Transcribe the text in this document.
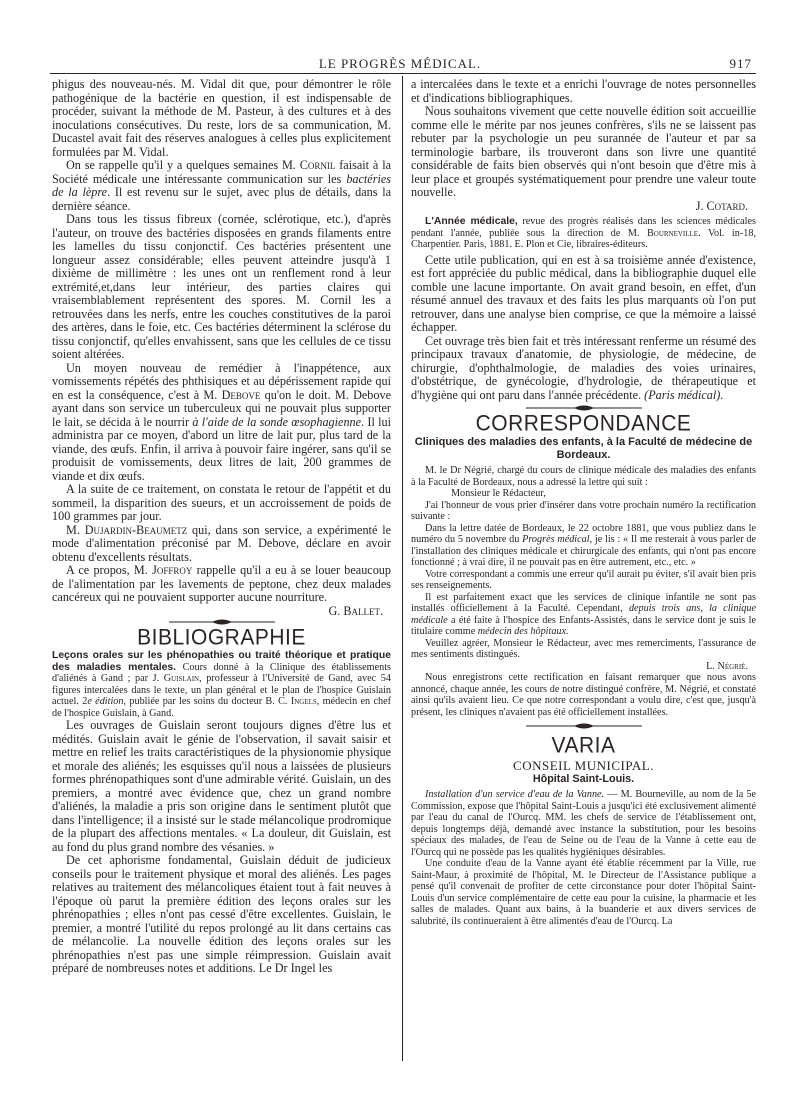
LE PROGRÈS MÉDICAL.	917

phigus des nouveau-nés. M. Vidal dit que, pour démontrer le rôle pathogénique de la bactérie en question, il est indispensable de procéder, suivant la méthode de M. Pasteur, à des cultures et à des inoculations consécutives. Du reste, lors de sa communication, M. Ducastel avait fait des réserves analogues à celles plus explicitement formulées par M. Vidal.

On se rappelle qu'il y a quelques semaines M. Cornil faisait à la Société médicale une intéressante communication sur les bactéries de la lèpre. Il est revenu sur le sujet, avec plus de détails, dans la dernière séance.

Dans tous les tissus fibreux (cornée, sclérotique, etc.), d'après l'auteur, on trouve des bactéries disposées en grands filaments entre les lamelles du tissu conjonctif. Ces bactéries présentent une longueur assez considérable; elles peuvent atteindre jusqu'à 1 dixième de millimètre : les unes ont un renflement rond à leur extrémité,et,dans leur intérieur, des parties claires qui vraisemblablement représentent des spores. M. Cornil les a retrouvées dans les nerfs, entre les couches constitutives de la paroi des artères, dans le foie, etc. Ces bactéries déterminent la sclérose du tissu conjonctif, qu'elles envahissent, sans que les cellules de ce tissu soient altérées.

Un moyen nouveau de remédier à l'inappétence, aux vomissements répétés des phthisiques et au dépérissement rapide qui en est la conséquence, c'est à M. Debove qu'on le doit. M. Debove ayant dans son service un tuberculeux qui ne pouvait plus supporter le lait, se décida à le nourrir à l'aide de la sonde œsophagienne. Il lui administra par ce moyen, d'abord un litre de lait pur, plus tard de la viande, des œufs. Enfin, il arriva à pouvoir faire ingérer, sans qu'il se produisit de vomissements, deux litres de lait, 200 grammes de viande et dix œufs.

A la suite de ce traitement, on constata le retour de l'appétit et du sommeil, la disparition des sueurs, et un accroissement de poids de 100 grammes par jour.

M. Dujardin-Beaumetz qui, dans son service, a expérimenté le mode d'alimentation préconisé par M. Debove, déclare en avoir obtenu d'excellents résultats.

A ce propos, M. Joffroy rappelle qu'il a eu à se louer beaucoup de l'alimentation par les lavements de peptone, chez deux malades cancéreux qui ne pouvaient supporter aucune nourriture.

G. Ballet.

BIBLIOGRAPHIE

Leçons orales sur les phénopathies ou traité théorique et pratique des maladies mentales. Cours donné à la Clinique des établissements d'aliénés à Gand ; par J. Guislain, professeur à l'Université de Gand, avec 54 figures intercalées dans le texte, un plan général et le plan de l'hospice Guislain actuel. 2e édition, publiée par les soins du docteur B. C. Ingels, médecin en chef de l'hospice Guislain, à Gand.

Les ouvrages de Guislain seront toujours dignes d'être lus et médités. Guislain avait le génie de l'observation, il savait saisir et mettre en relief les traits caractéristiques de la physionomie physique et morale des aliénés; les esquisses qu'il nous a laissées de plusieurs formes phrénopathiques sont d'une admirable vérité. Guislain, un des premiers, a montré avec évidence que, chez un grand nombre d'aliénés, la maladie a pris son origine dans le sentiment plutôt que dans l'intelligence; il a insisté sur le stade mélancolique prodromique de la plupart des affections mentales. « La douleur, dit Guislain, est au fond du plus grand nombre des vésanies. »

De cet aphorisme fondamental, Guislain déduit de judicieux conseils pour le traitement physique et moral des aliénés. Les pages relatives au traitement des mélancoliques étaient tout à fait neuves à l'époque où parut la première édition des leçons orales sur les phrénopathies ; elles n'ont pas cessé d'être excellentes. Guislain, le premier, a montré l'utilité du repos prolongé au lit dans certains cas de mélancolie. La nouvelle édition des leçons orales sur les phrénopathies n'est pas une simple réimpression. Guislain avait préparé de nombreuses notes et additions. Le Dr Ingel les

a intercalées dans le texte et a enrichi l'ouvrage de notes personnelles et d'indications bibliographiques.

Nous souhaitons vivement que cette nouvelle édition soit accueillie comme elle le mérite par nos jeunes confrères, s'ils ne se laissent pas rebuter par la psychologie un peu surannée de l'auteur et par sa terminologie barbare, ils trouveront dans son livre une quantité considérable de faits bien observés qui n'ont besoin que d'être mis à leur place et groupés systématiquement pour prendre une valeur toute nouvelle.

J. Cotard.

L'Année médicale, revue des progrès réalisés dans les sciences médicales pendant l'année, publiée sous la direction de M. Bourneville. Vol. in-18, Charpentier. Paris, 1881. E. Plon et Cie, libraires-éditeurs.

Cette utile publication, qui en est à sa troisième année d'existence, est fort appréciée du public médical, dans la bibliographie duquel elle comble une lacune importante. On avait grand besoin, en effet, d'un résumé annuel des travaux et des faits les plus marquants où l'on put retrouver, dans une analyse bien comprise, ce que la mémoire a laissé échapper.

Cet ouvrage très bien fait et très intéressant renferme un résumé des principaux travaux d'anatomie, de physiologie, de médecine, de chirurgie, d'ophthalmologie, de maladies des voies urinaires, d'obstétrique, de gynécologie, d'hydrologie, de thérapeutique et d'hygiène qui ont paru dans l'année précédente. (Paris médical).

CORRESPONDANCE
Cliniques des maladies des enfants, à la Faculté de médecine de Bordeaux.

M. le Dr Négrié, chargé du cours de clinique médicale des maladies des enfants à la Faculté de Bordeaux, nous a adressé la lettre qui suit :

Monsieur le Rédacteur,

J'ai l'honneur de vous prier d'insérer dans votre prochain numéro la rectification suivante :

Dans la lettre datée de Bordeaux, le 22 octobre 1881, que vous publiez dans le numéro du 5 novembre du Progrès médical, je lis : « Il me resterait à vous parler de l'installation des cliniques médicale et chirurgicale des enfants, qui n'ont pas encore fonctionné ; à vrai dire, il ne pouvait pas en être autrement, etc., etc. »

Votre correspondant a commis une erreur qu'il aurait pu éviter, s'il avait bien pris ses renseignements.

Il est parfaitement exact que les services de clinique infantile ne sont pas installés officiellement à la Faculté. Cependant, depuis trois ans, la clinique médicale a été faite à l'hospice des Enfants-Assistés, dans le service dont je suis le titulaire comme médecin des hôpitaux.

Veuillez agréer, Monsieur le Rédacteur, avec mes remerciments, l'assurance de mes sentiments distingués.

L. Négrié.

Nous enregistrons cette rectification en faisant remarquer que nous avons annoncé, chaque année, les cours de notre distingué confrère, M. Négrié, et constaté ainsi qu'ils avaient lieu. Ce que notre correspondant a voulu dire, c'est que, jusqu'à présent, les cliniques n'avaient pas été officiellement installées.

VARIA
CONSEIL MUNICIPAL.
Hôpital Saint-Louis.

Installation d'un service d'eau de la Vanne. — M. Bourneville, au nom de la 5e Commission, expose que l'hôpital Saint-Louis a jusqu'ici été exclusivement alimenté par l'eau du canal de l'Ourcq. MM. les chefs de service de l'établissement ont, depuis longtemps déjà, demandé avec instance la substitution, pour les besoins spéciaux des malades, de l'eau de Seine ou de l'eau de la Vanne à cette eau de l'Ourcq qui ne possède pas les qualités hygiéniques désirables.

Une conduite d'eau de la Vanne ayant été établie récemment par la Ville, rue Saint-Maur, à proximité de l'hôpital, M. le Directeur de l'Assistance publique a pensé qu'il convenait de profiter de cette circonstance pour doter l'hôpital Saint-Louis d'un service complémentaire de cette eau pour la cuisine, la pharmacie et les salles de malades. Quant aux bains, à la buanderie et aux divers services de salubrité, ils continueraient à être alimentés d'eau de l'Ourcq. La
